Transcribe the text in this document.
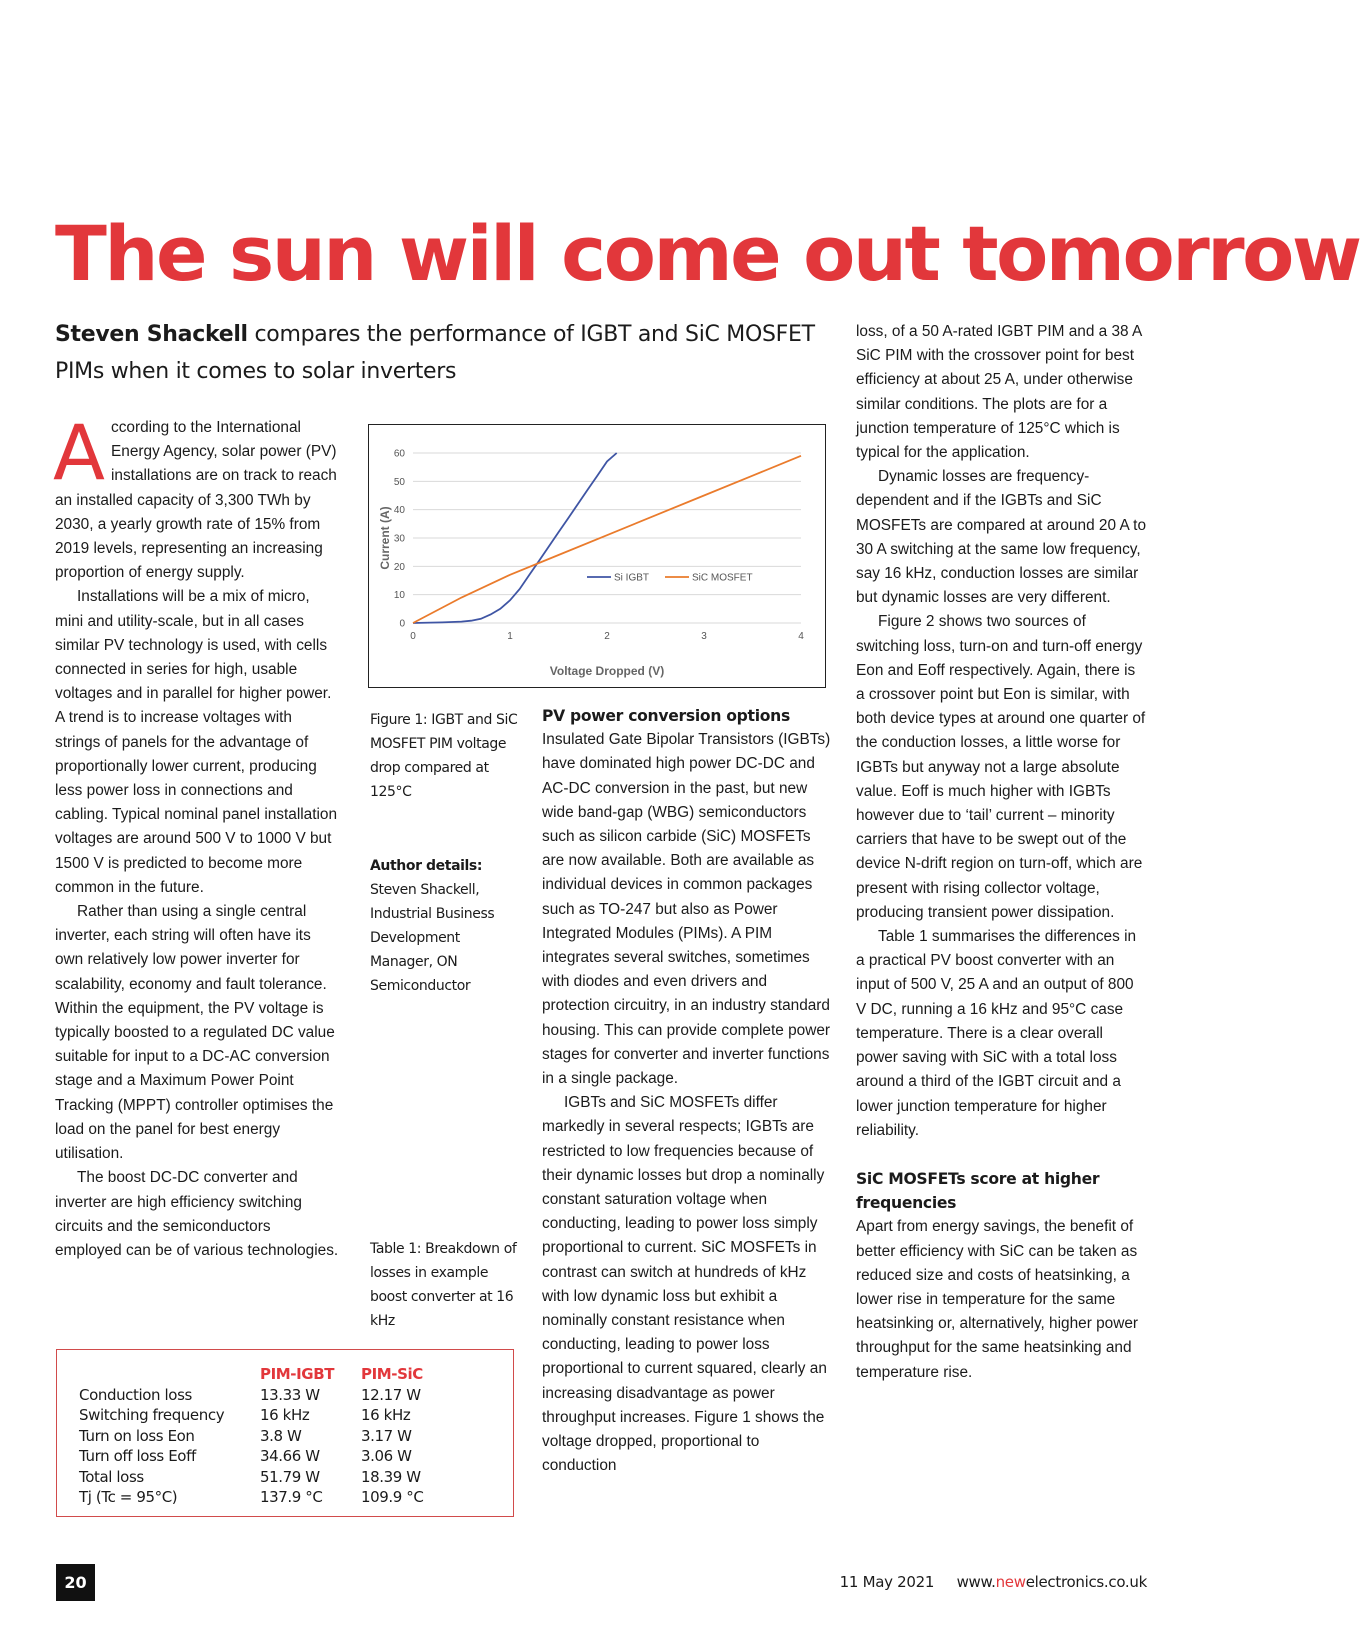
The sun will come out tomorrow

Steven Shackell compares the performance of IGBT and SiC MOSFET PIMs when it comes to solar inverters

According to the International Energy Agency, solar power (PV) installations are on track to reach an installed capacity of 3,300 TWh by 2030, a yearly growth rate of 15% from 2019 levels, representing an increasing proportion of energy supply.

Installations will be a mix of micro, mini and utility-scale, but in all cases similar PV technology is used, with cells connected in series for high, usable voltages and in parallel for higher power. A trend is to increase voltages with strings of panels for the advantage of proportionally lower current, producing less power loss in connections and cabling. Typical nominal panel installation voltages are around 500 V to 1000 V but 1500 V is predicted to become more common in the future.

Rather than using a single central inverter, each string will often have its own relatively low power inverter for scalability, economy and fault tolerance. Within the equipment, the PV voltage is typically boosted to a regulated DC value suitable for input to a DC-AC conversion stage and a Maximum Power Point Tracking (MPPT) controller optimises the load on the panel for best energy utilisation.

The boost DC-DC converter and inverter are high efficiency switching circuits and the semiconductors employed can be of various technologies.

0
10
20
30
40
50
60
0	1	2	3	4
Voltage Dropped (V)
Current (A)
Si IGBT	SiC MOSFET
Figure 1: IGBT and SiC MOSFET PIM voltage drop compared at 125°C
Author details:
Steven Shackell, Industrial Business Development Manager, ON Semiconductor
Table 1: Breakdown of losses in example boost converter at 16 kHz

PV power conversion options

Insulated Gate Bipolar Transistors (IGBTs) have dominated high power DC-DC and AC-DC conversion in the past, but new wide band-gap (WBG) semiconductors such as silicon carbide (SiC) MOSFETs are now available. Both are available as individual devices in common packages such as TO-247 but also as Power Integrated Modules (PIMs). A PIM integrates several switches, sometimes with diodes and even drivers and protection circuitry, in an industry standard housing. This can provide complete power stages for converter and inverter functions in a single package.

IGBTs and SiC MOSFETs differ markedly in several respects; IGBTs are restricted to low frequencies because of their dynamic losses but drop a nominally constant saturation voltage when conducting, leading to power loss simply proportional to current. SiC MOSFETs in contrast can switch at hundreds of kHz with low dynamic loss but exhibit a nominally constant resistance when conducting, leading to power loss proportional to current squared, clearly an increasing disadvantage as power throughput increases. Figure 1 shows the voltage dropped, proportional to conduction

loss, of a 50 A-rated IGBT PIM and a 38 A SiC PIM with the crossover point for best efficiency at about 25 A, under otherwise similar conditions. The plots are for a junction temperature of 125°C which is typical for the application.

Dynamic losses are frequency-dependent and if the IGBTs and SiC MOSFETs are compared at around 20 A to 30 A switching at the same low frequency, say 16 kHz, conduction losses are similar but dynamic losses are very different.

Figure 2 shows two sources of switching loss, turn-on and turn-off energy Eon and Eoff respectively. Again, there is a crossover point but Eon is similar, with both device types at around one quarter of the conduction losses, a little worse for IGBTs but anyway not a large absolute value. Eoff is much higher with IGBTs however due to ‘tail’ current – minority carriers that have to be swept out of the device N-drift region on turn-off, which are present with rising collector voltage, producing transient power dissipation.

Table 1 summarises the differences in a practical PV boost converter with an input of 500 V, 25 A and an output of 800 V DC, running a 16 kHz and 95°C case temperature. There is a clear overall power saving with SiC with a total loss around a third of the IGBT circuit and a lower junction temperature for higher reliability.

SiC MOSFETs score at higher frequencies

Apart from energy savings, the benefit of better efficiency with SiC can be taken as reduced size and costs of heatsinking, a lower rise in temperature for the same heatsinking or, alternatively, higher power throughput for the same heatsinking and temperature rise.

	PIM-IGBT	PIM-SiC
Conduction loss	13.33 W	12.17 W
Switching frequency	16 kHz	16 kHz
Turn on loss Eon	3.8 W	3.17 W
Turn off loss Eoff	34.66 W	3.06 W
Total loss	51.79 W	18.39 W
Tj (Tc = 95°C)	137.9 °C	109.9 °C
20	11 May 2021 www.newelectronics.co.uk
